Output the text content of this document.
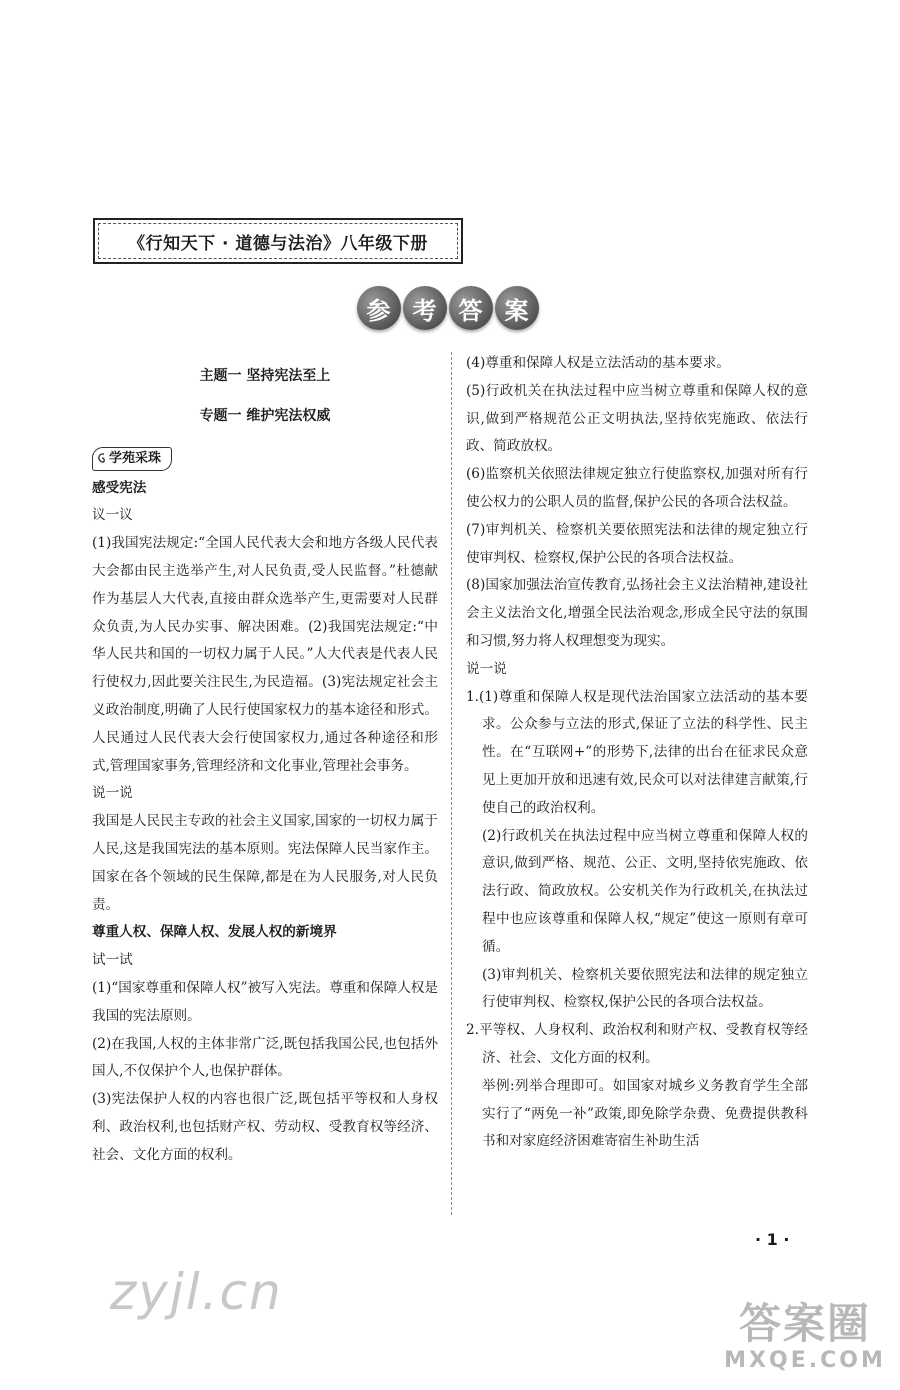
《行知天下 · 道德与法治》八年级下册
参 考 答 案
主题一 坚持宪法至上
专题一 维护宪法权威
学苑采珠
感受宪法
议一议

(1)我国宪法规定:“全国人民代表大会和地方各级人民代表大会都由民主选举产生,对人民负责,受人民监督。”杜德献作为基层人大代表,直接由群众选举产生,更需要对人民群众负责,为人民办实事、解决困难。(2)我国宪法规定:“中华人民共和国的一切权力属于人民。”人大代表是代表人民行使权力,因此要关注民生,为民造福。(3)宪法规定社会主义政治制度,明确了人民行使国家权力的基本途径和形式。人民通过人民代表大会行使国家权力,通过各种途径和形式,管理国家事务,管理经济和文化事业,管理社会事务。

说一说

我国是人民民主专政的社会主义国家,国家的一切权力属于人民,这是我国宪法的基本原则。宪法保障人民当家作主。国家在各个领域的民生保障,都是在为人民服务,对人民负责。

尊重人权、保障人权、发展人权的新境界
试一试

(1)“国家尊重和保障人权”被写入宪法。尊重和保障人权是我国的宪法原则。

(2)在我国,人权的主体非常广泛,既包括我国公民,也包括外国人,不仅保护个人,也保护群体。

(3)宪法保护人权的内容也很广泛,既包括平等权和人身权利、政治权利,也包括财产权、劳动权、受教育权等经济、社会、文化方面的权利。

(4)尊重和保障人权是立法活动的基本要求。

(5)行政机关在执法过程中应当树立尊重和保障人权的意识,做到严格规范公正文明执法,坚持依宪施政、依法行政、简政放权。

(6)监察机关依照法律规定独立行使监察权,加强对所有行使公权力的公职人员的监督,保护公民的各项合法权益。

(7)审判机关、检察机关要依照宪法和法律的规定独立行使审判权、检察权,保护公民的各项合法权益。

(8)国家加强法治宣传教育,弘扬社会主义法治精神,建设社会主义法治文化,增强全民法治观念,形成全民守法的氛围和习惯,努力将人权理想变为现实。

说一说
1.(1)尊重和保障人权是现代法治国家立法活动的基本要求。公众参与立法的形式,保证了立法的科学性、民主性。在“互联网+”的形势下,法律的出台在征求民众意见上更加开放和迅速有效,民众可以对法律建言献策,行使自己的政治权利。

(2)行政机关在执法过程中应当树立尊重和保障人权的意识,做到严格、规范、公正、文明,坚持依宪施政、依法行政、简政放权。公安机关作为行政机关,在执法过程中也应该尊重和保障人权,“规定”使这一原则有章可循。

(3)审判机关、检察机关要依照宪法和法律的规定独立行使审判权、检察权,保护公民的各项合法权益。

2.平等权、人身权利、政治权利和财产权、受教育权等经济、社会、文化方面的权利。

举例:列举合理即可。如国家对城乡义务教育学生全部实行了“两免一补”政策,即免除学杂费、免费提供教科书和对家庭经济困难寄宿生补助生活

· 1 ·
zyjl.cn
答案圈
MXQE.COM
